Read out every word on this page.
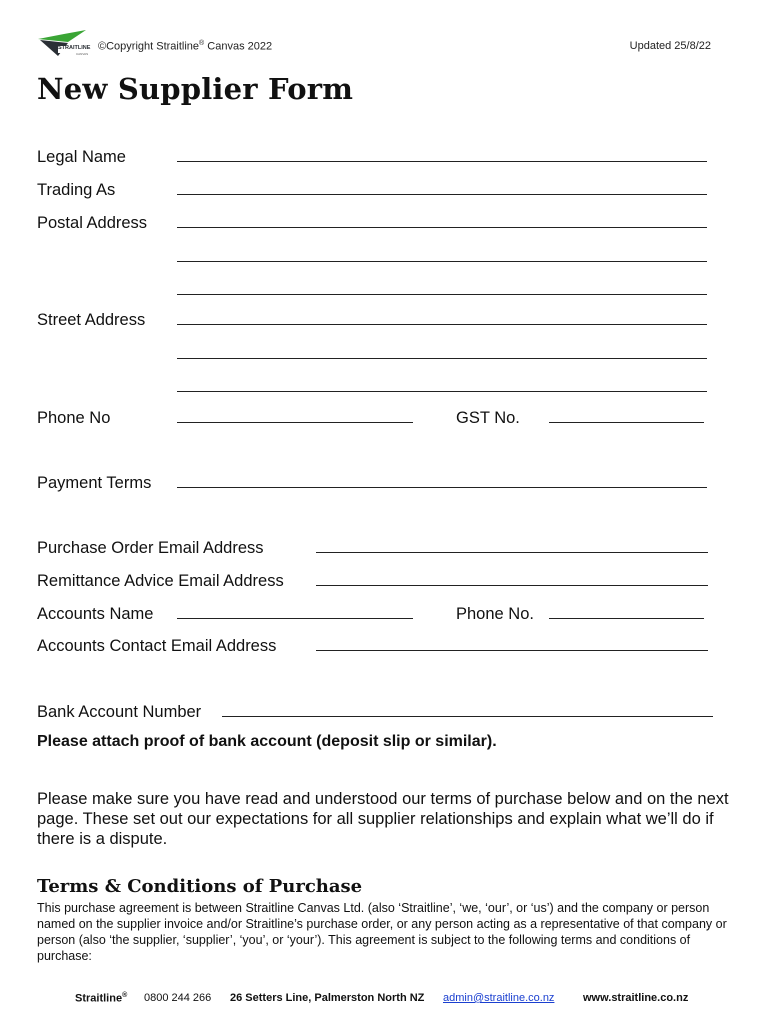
STRAITLINE
CANVAS
©Copyright Straitline® Canvas 2022	Updated 25/8/22
New Supplier Form
Legal Name
Trading As
Postal Address
Street Address
Phone No	GST No.
Payment Terms
Purchase Order Email Address
Remittance Advice Email Address
Accounts Name	Phone No.
Accounts Contact Email Address
Bank Account Number
Please attach proof of bank account (deposit slip or similar).
Please make sure you have read and understood our terms of purchase below and on the next page. These set out our expectations for all supplier relationships and explain what we’ll do if there is a dispute.
Terms & Conditions of Purchase
This purchase agreement is between Straitline Canvas Ltd. (also ‘Straitline’, ‘we, ‘our’, or ‘us’) and the company or person named on the supplier invoice and/or Straitline’s purchase order, or any person acting as a representative of that company or person (also ‘the supplier, ‘supplier’, ‘you’, or ‘your’). This agreement is subject to the following terms and conditions of purchase:
Straitline® 0800 244 266 26 Setters Line, Palmerston North NZ admin@straitline.co.nz	www.straitline.co.nz
